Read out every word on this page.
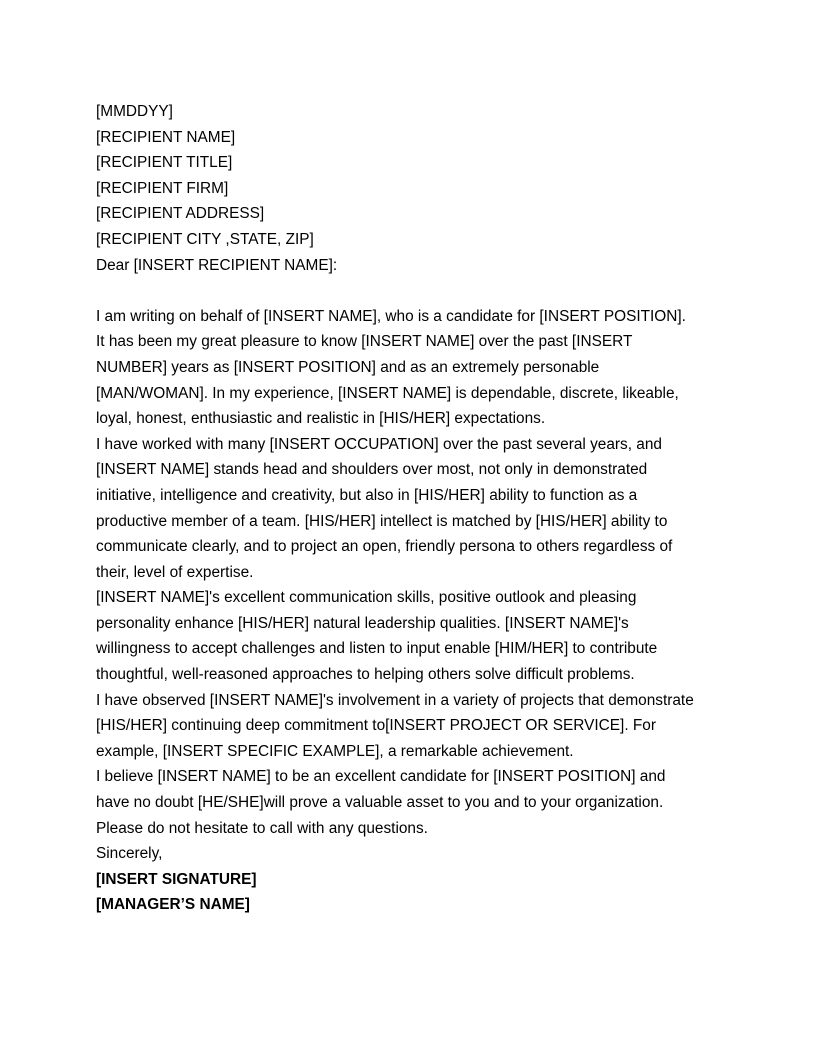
[MMDDYY]
[RECIPIENT NAME]
[RECIPIENT TITLE]
[RECIPIENT FIRM]
[RECIPIENT ADDRESS]
[RECIPIENT CITY ,STATE, ZIP]
Dear [INSERT RECIPIENT NAME]:
I am writing on behalf of [INSERT NAME], who is a candidate for [INSERT POSITION].
It has been my great pleasure to know [INSERT NAME] over the past [INSERT
NUMBER] years as [INSERT POSITION] and as an extremely personable
[MAN/WOMAN]. In my experience, [INSERT NAME] is dependable, discrete, likeable,
loyal, honest, enthusiastic and realistic in [HIS/HER] expectations.
I have worked with many [INSERT OCCUPATION] over the past several years, and
[INSERT NAME] stands head and shoulders over most, not only in demonstrated
initiative, intelligence and creativity, but also in [HIS/HER] ability to function as a
productive member of a team. [HIS/HER] intellect is matched by [HIS/HER] ability to
communicate clearly, and to project an open, friendly persona to others regardless of
their, level of expertise.
[INSERT NAME]'s excellent communication skills, positive outlook and pleasing
personality enhance [HIS/HER] natural leadership qualities. [INSERT NAME]'s
willingness to accept challenges and listen to input enable [HIM/HER] to contribute
thoughtful, well-reasoned approaches to helping others solve difficult problems.
I have observed [INSERT NAME]'s involvement in a variety of projects that demonstrate
[HIS/HER] continuing deep commitment to[INSERT PROJECT OR SERVICE]. For
example, [INSERT SPECIFIC EXAMPLE], a remarkable achievement.
I believe [INSERT NAME] to be an excellent candidate for [INSERT POSITION] and
have no doubt [HE/SHE]will prove a valuable asset to you and to your organization.
Please do not hesitate to call with any questions.
Sincerely,
[INSERT SIGNATURE]
[MANAGER’S NAME]
